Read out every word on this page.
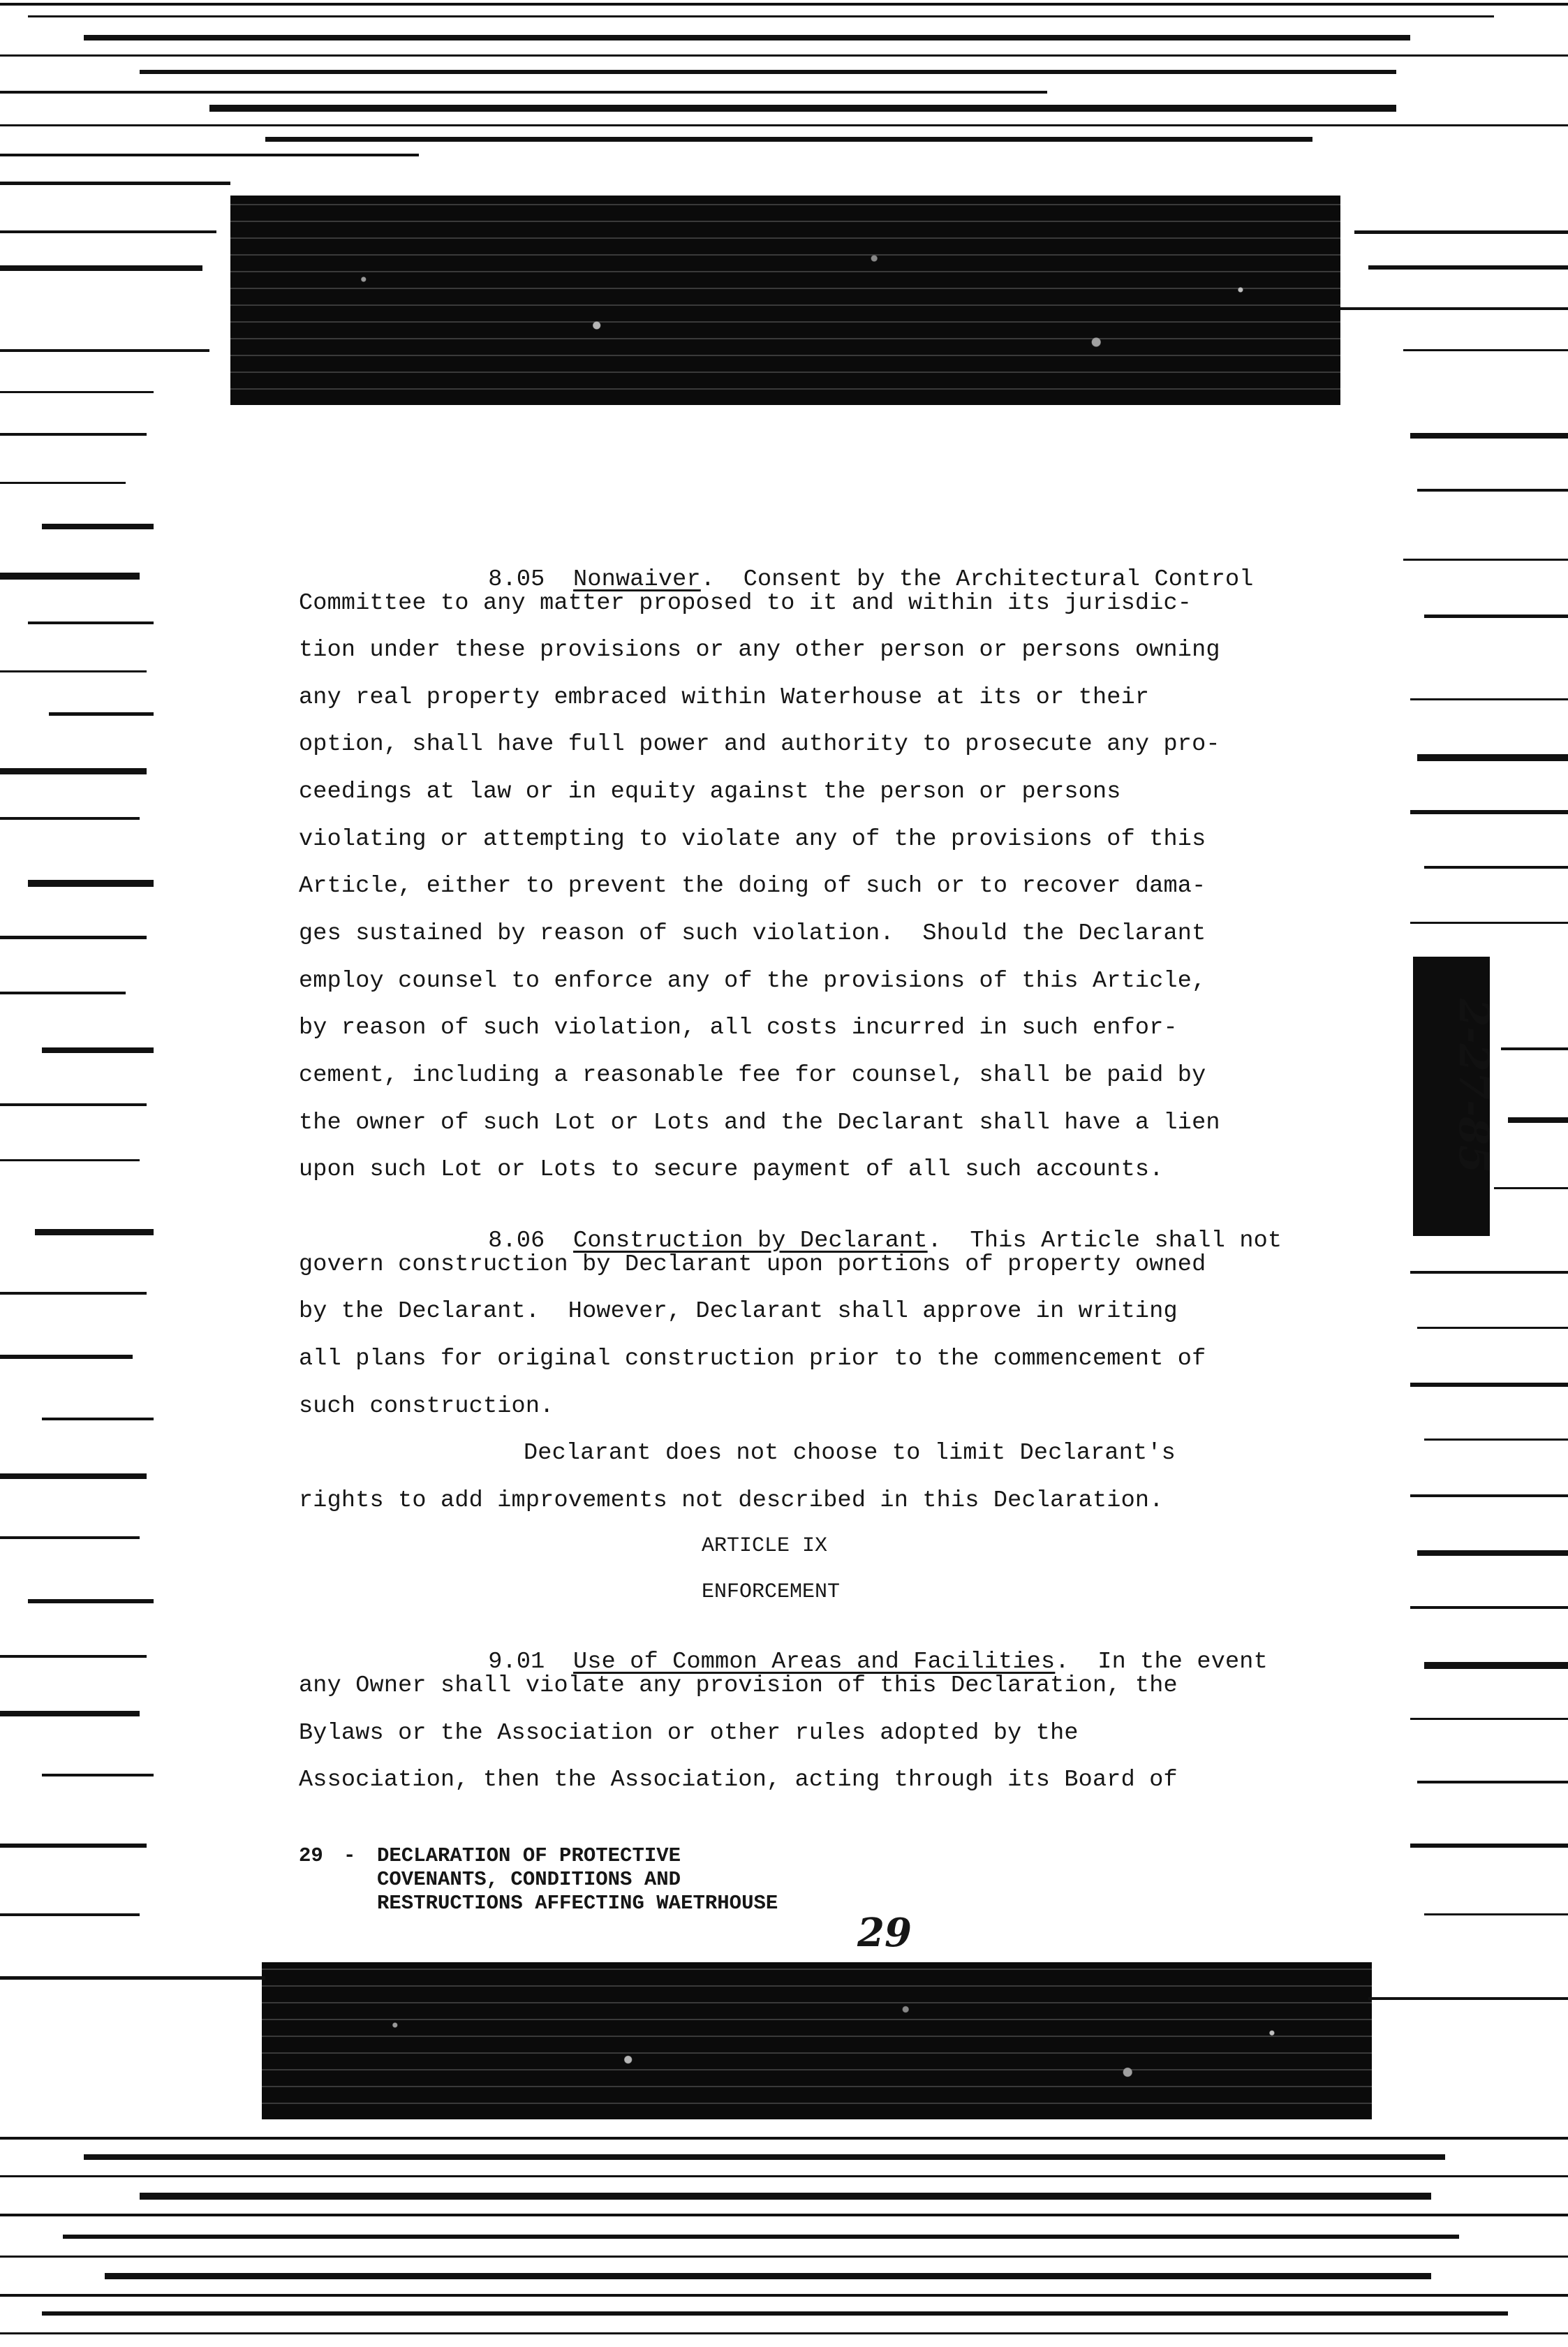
2-27-85

8.05 Nonwaiver.  Consent by the Architectural Control

Committee to any matter proposed to it and within its jurisdic-
tion under these provisions or any other person or persons owning
any real property embraced within Waterhouse at its or their
option, shall have full power and authority to prosecute any pro-
ceedings at law or in equity against the person or persons
violating or attempting to violate any of the provisions of this
Article, either to prevent the doing of such or to recover dama-
ges sustained by reason of such violation.  Should the Declarant
employ counsel to enforce any of the provisions of this Article,
by reason of such violation, all costs incurred in such enfor-
cement, including a reasonable fee for counsel, shall be paid by
the owner of such Lot or Lots and the Declarant shall have a lien
upon such Lot or Lots to secure payment of all such accounts.

8.06 Construction by Declarant.  This Article shall not

govern construction by Declarant upon portions of property owned
by the Declarant.  However, Declarant shall approve in writing
all plans for original construction prior to the commencement of
such construction.
Declarant does not choose to limit Declarant's
rights to add improvements not described in this Declaration.
ARTICLE IX
ENFORCEMENT

9.01 Use of Common Areas and Facilities.  In the event

any Owner shall violate any provision of this Declaration, the
Bylaws or the Association or other rules adopted by the
Association, then the Association, acting through its Board of
29 - DECLARATION OF PROTECTIVE
COVENANTS, CONDITIONS AND
RESTRUCTIONS AFFECTING WAETRHOUSE
29
